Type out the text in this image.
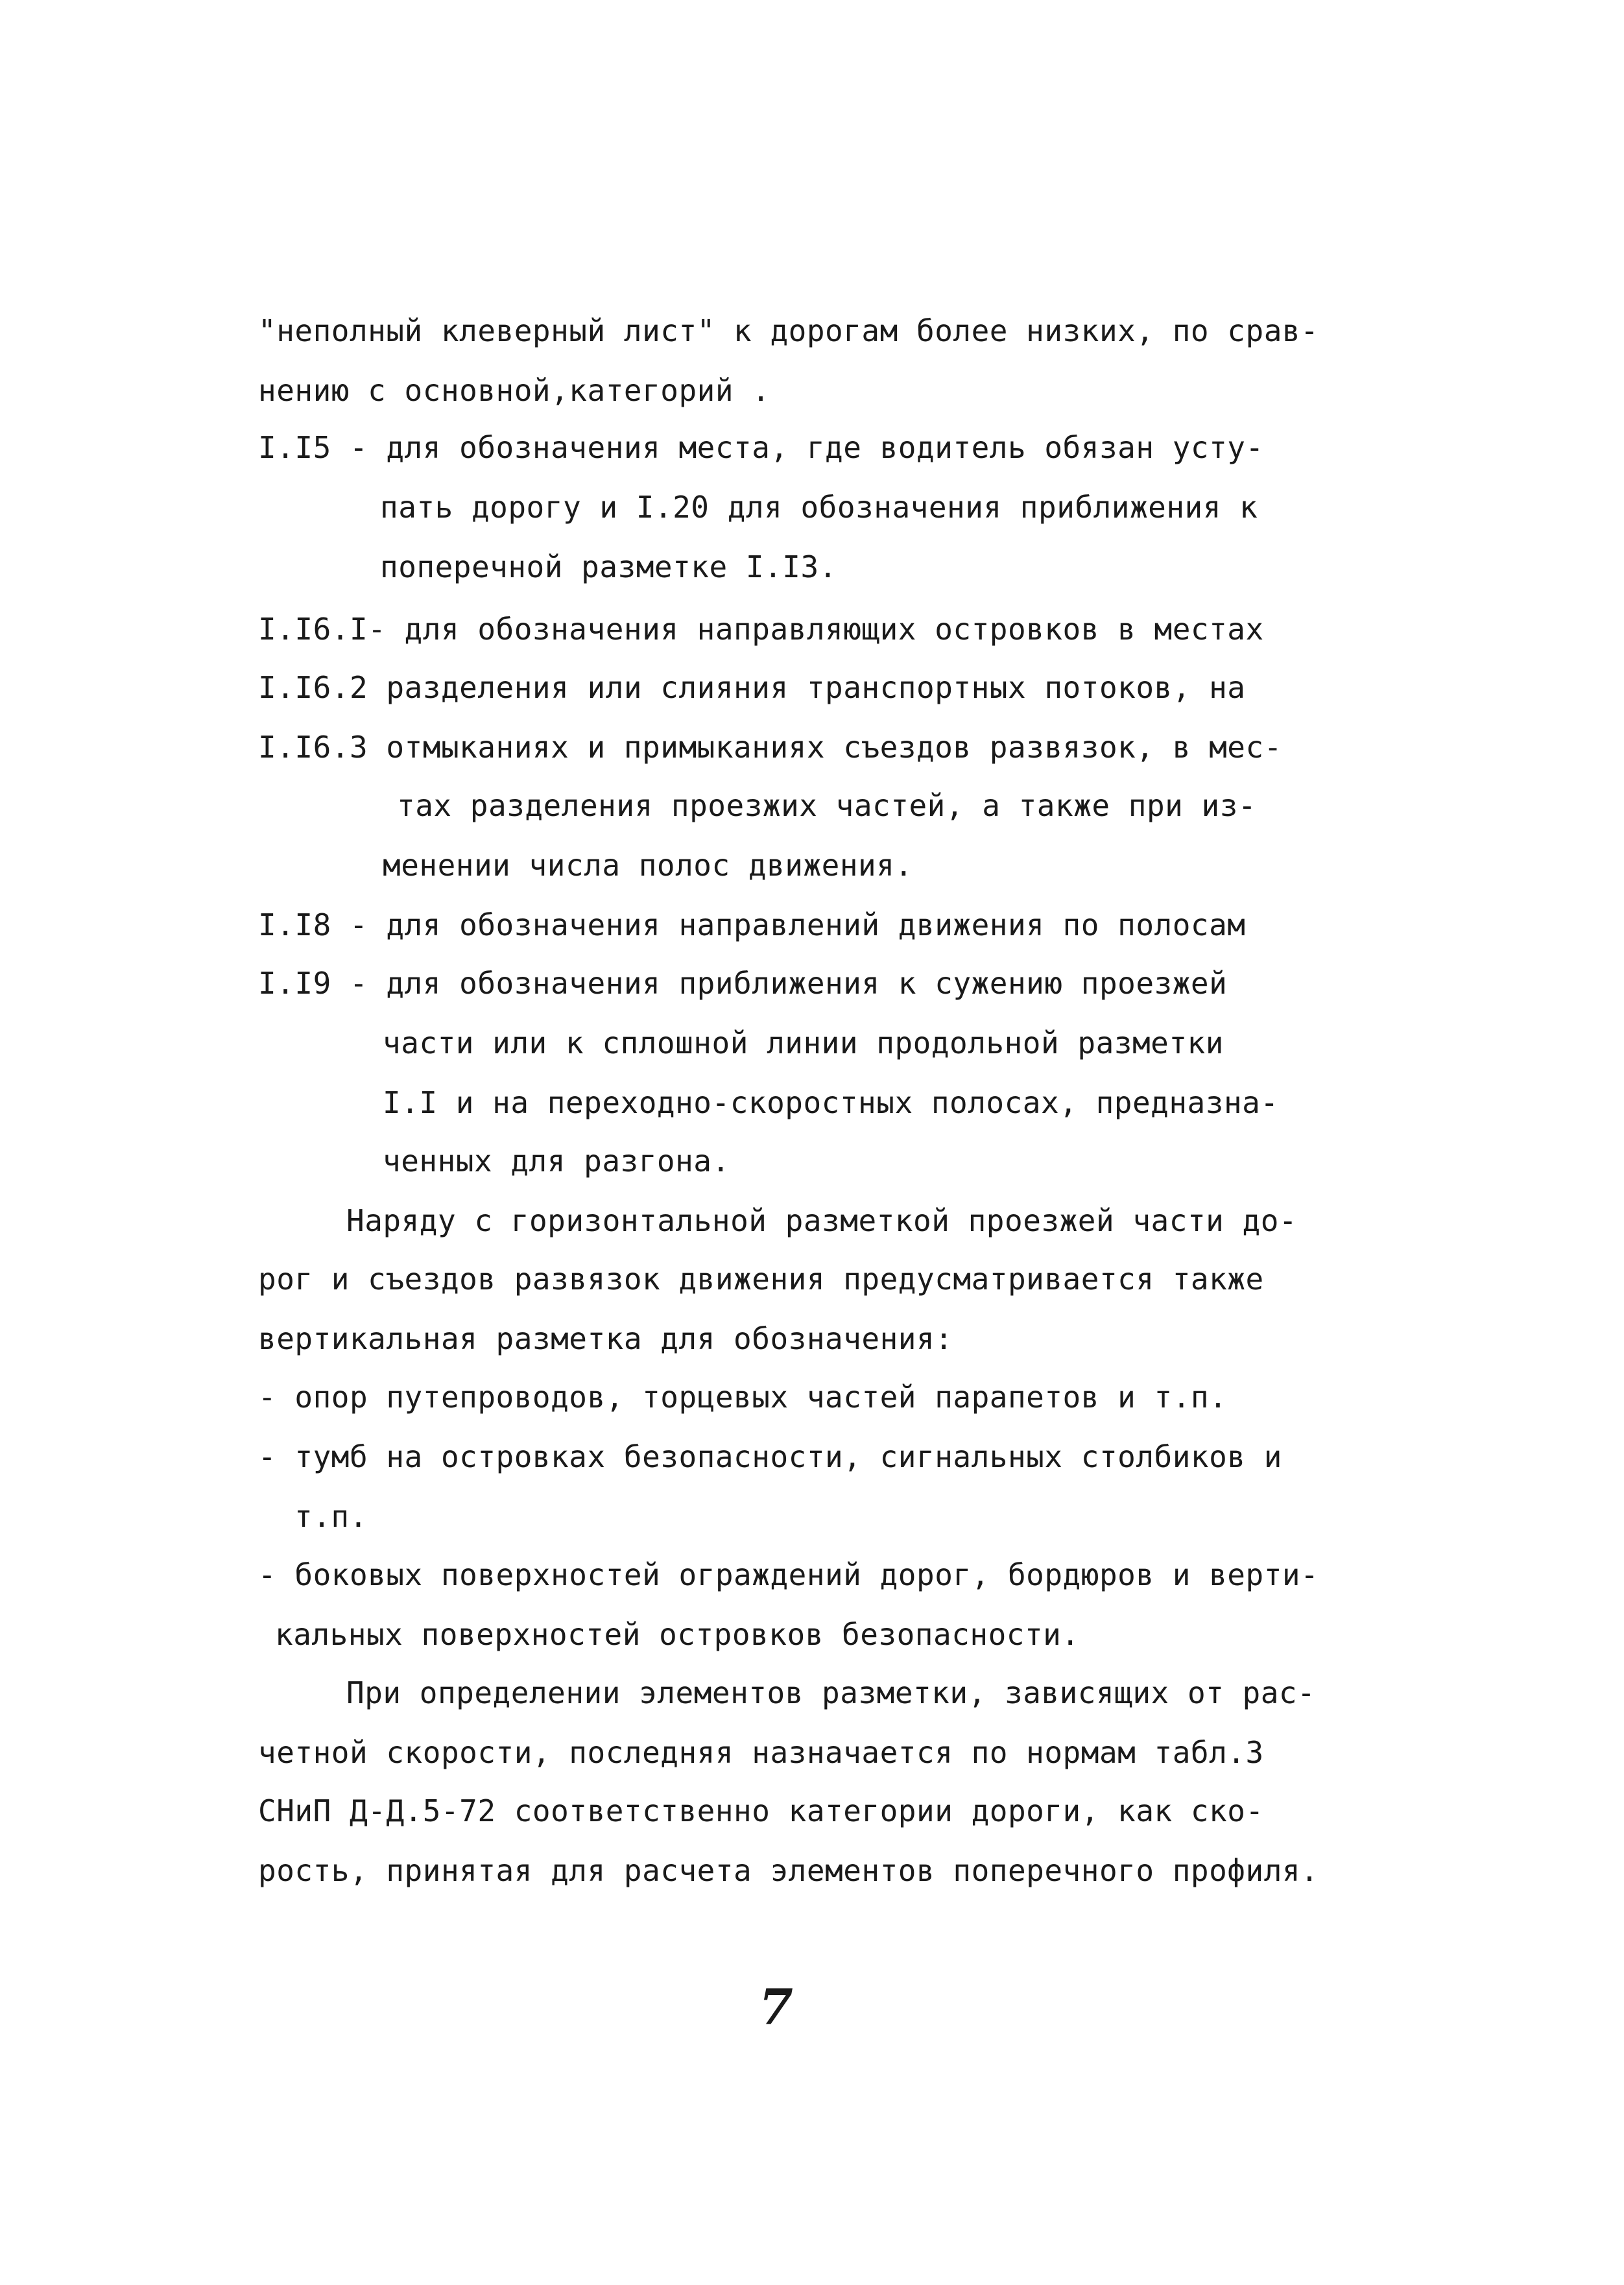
"неполный клеверный лист" к дорогам более низких, по срав-
нению с основной,категорий .
I.I5 - для обозначения места, где водитель обязан усту-
пать дорогу и I.20 для обозначения приближения к
поперечной разметке I.I3.
I.I6.I- для обозначения направляющих островков в местах
I.I6.2 разделения или слияния транспортных потоков, на
I.I6.3 отмыканиях и примыканиях съездов развязок, в мес-
тах разделения проезжих частей, а также при из-
менении числа полос движения.
I.I8 - для обозначения направлений движения по полосам
I.I9 - для обозначения приближения к сужению проезжей
части или к сплошной линии продольной разметки
I.I и на переходно-скоростных полосах, предназна-
ченных для разгона.
Наряду с горизонтальной разметкой проезжей части до-
рог и съездов развязок движения предусматривается также
вертикальная разметка для обозначения:
- опор путепроводов, торцевых частей парапетов и т.п.
- тумб на островках безопасности, сигнальных столбиков и
т.п.
- боковых поверхностей ограждений дорог, бордюров и верти-
кальных поверхностей островков безопасности.
При определении элементов разметки, зависящих от рас-
четной скорости, последняя назначается по нормам табл.3
СНиП Д-Д.5-72 соответственно категории дороги, как ско-
рость, принятая для расчета элементов поперечного профиля.
7
